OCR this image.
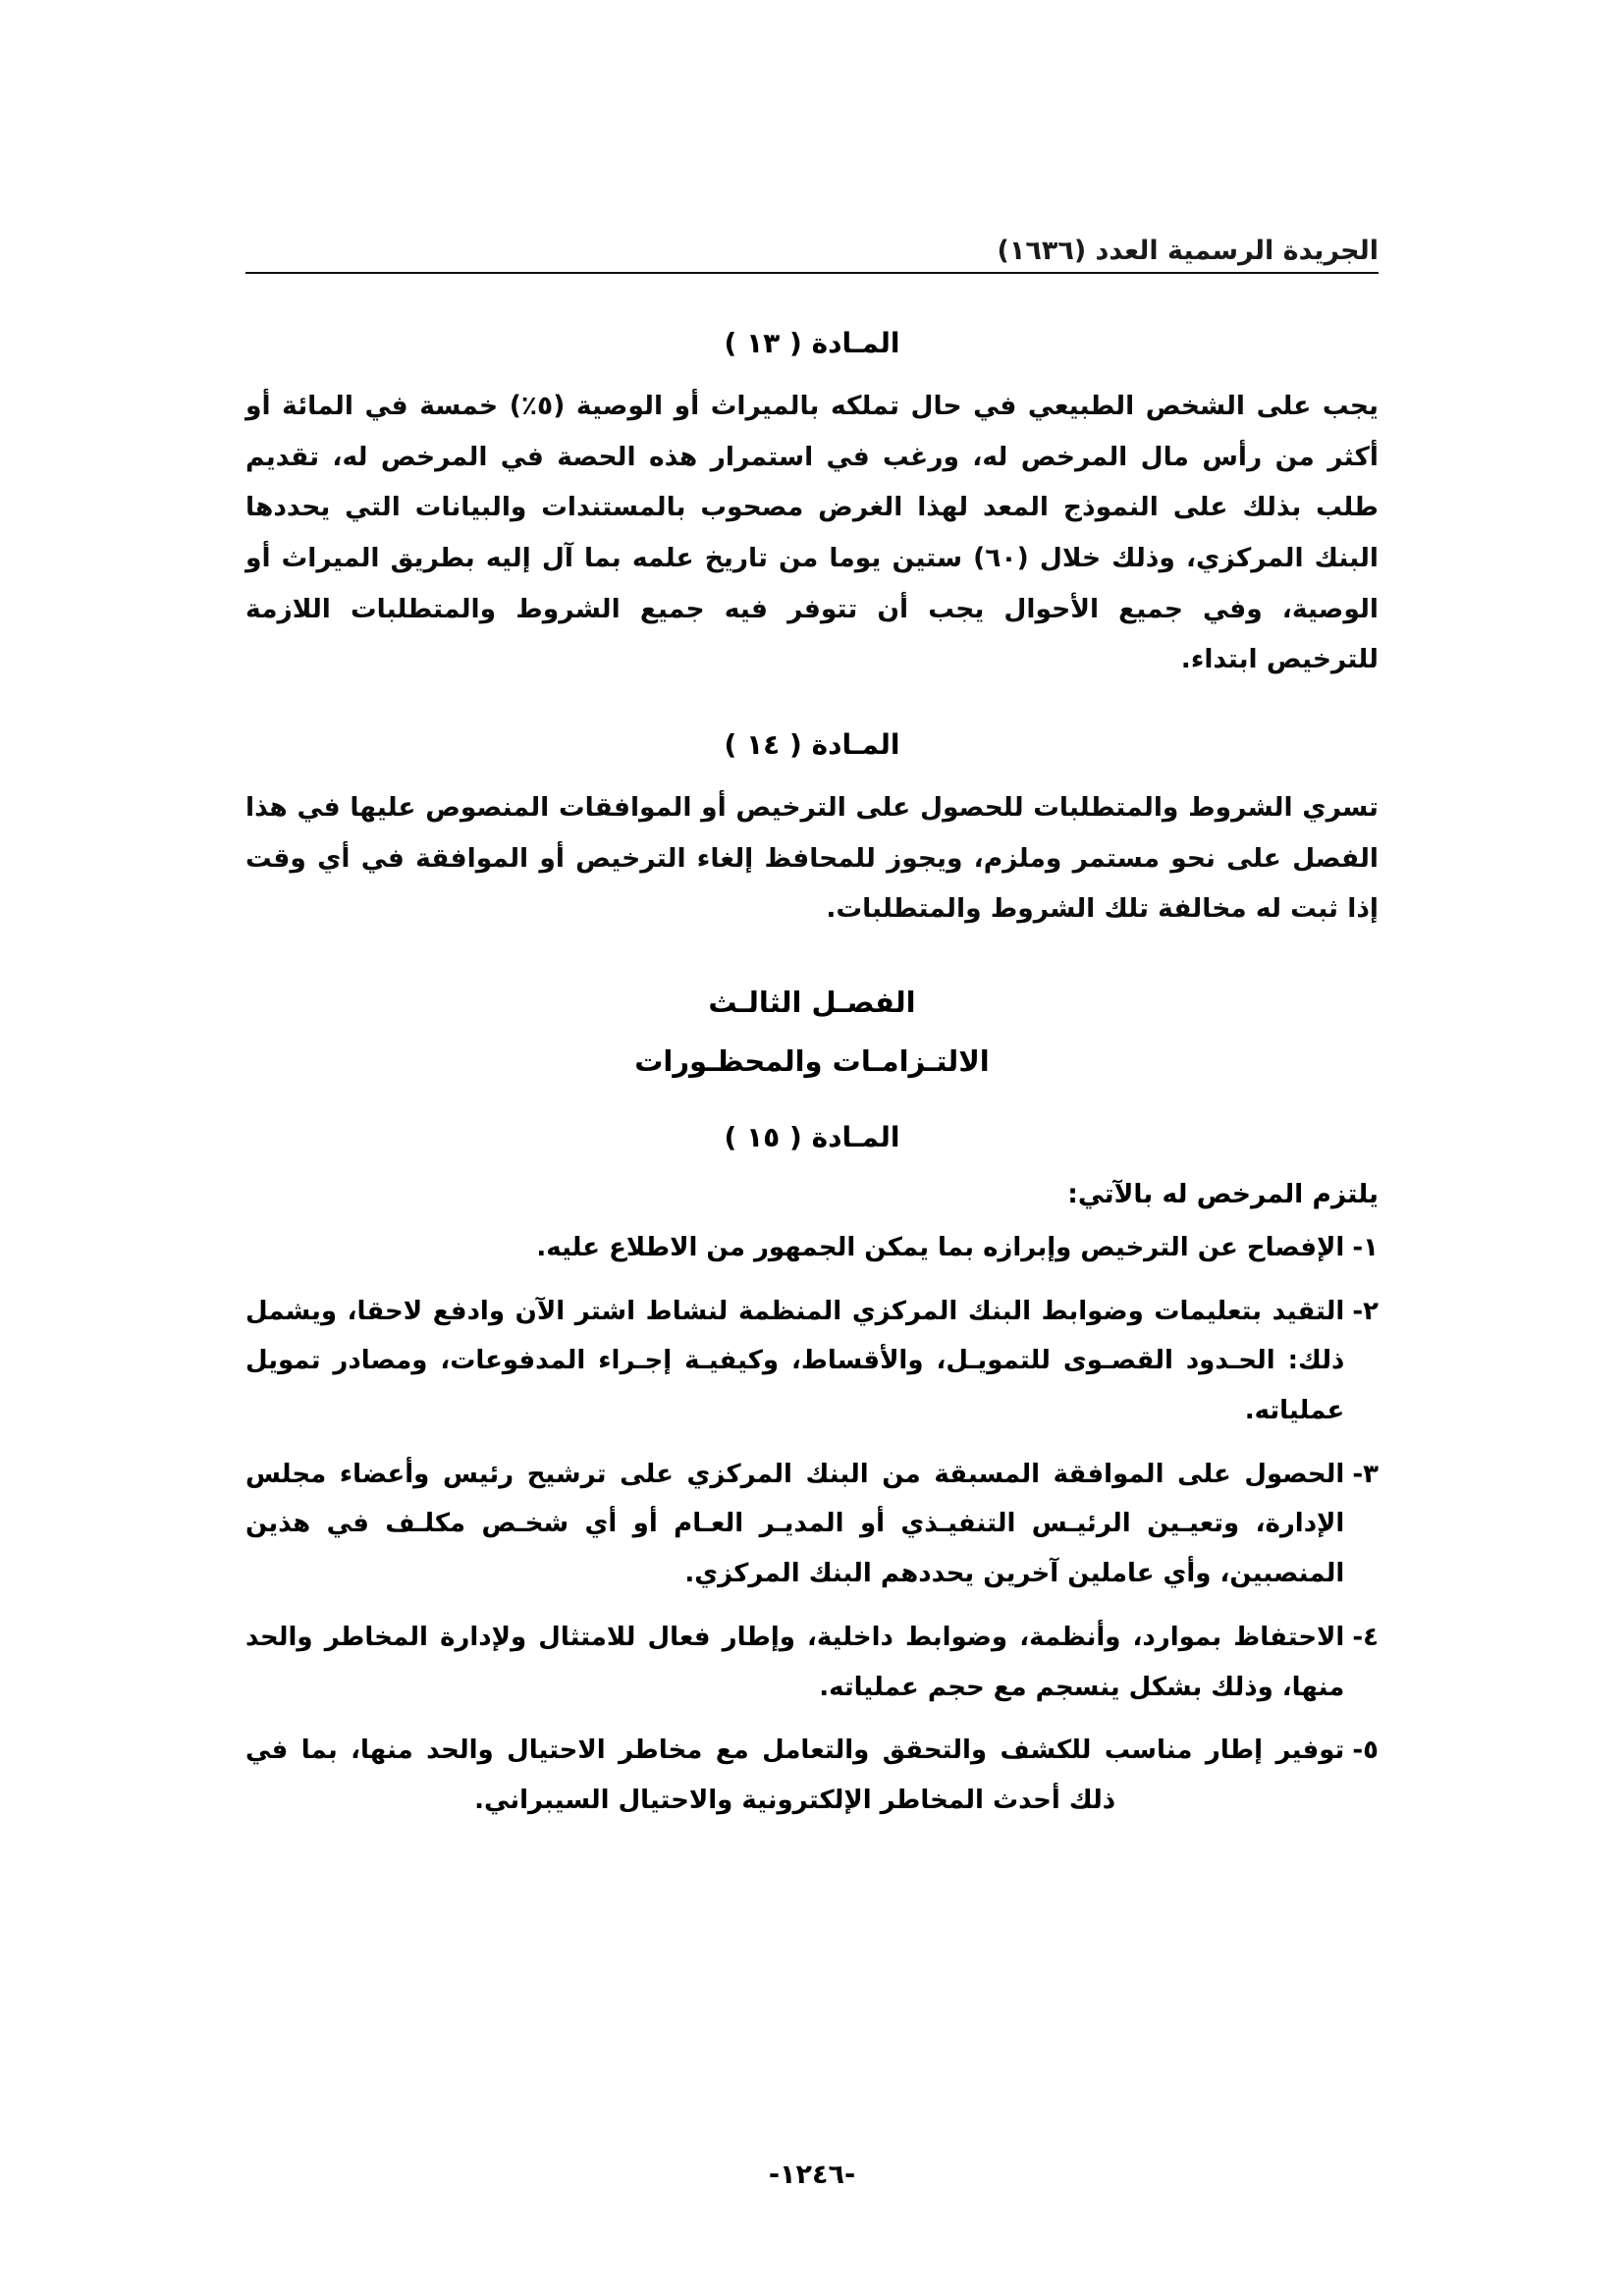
الجريدة الرسمية العدد (١٦٣٦)
المـادة ( ١٣ )

يجب على الشخص الطبيعي في حال تملكه بالميراث أو الوصية (٥٪) خمسة في المائة أو أكثر من رأس مال المرخص له، ورغب في استمرار هذه الحصة في المرخص له، تقديم طلب بذلك على النموذج المعد لهذا الغرض مصحوب بالمستندات والبيانات التي يحددها البنك المركزي، وذلك خلال (٦٠) ستين يوما من تاريخ علمه بما آل إليه بطريق الميراث أو الوصية، وفي جميع الأحوال يجب أن تتوفر فيه جميع الشروط والمتطلبات اللازمة للترخيص ابتداء.

المـادة ( ١٤ )

تسري الشروط والمتطلبات للحصول على الترخيص أو الموافقات المنصوص عليها في هذا الفصل على نحو مستمر وملزم، ويجوز للمحافظ إلغاء الترخيص أو الموافقة في أي وقت إذا ثبت له مخالفة تلك الشروط والمتطلبات.

الفصـل الثالـث
الالتـزامـات والمحظـورات
المـادة ( ١٥ )
يلتزم المرخص له بالآتي:
١-
الإفصاح عن الترخيص وإبرازه بما يمكن الجمهور من الاطلاع عليه.
٢-
التقيد بتعليمات وضوابط البنك المركزي المنظمة لنشاط اشتر الآن وادفع لاحقا، ويشمل ذلك: الحـدود القصـوى للتمويـل، والأقساط، وكيفيـة إجـراء المدفوعات، ومصادر تمويل عملياته.
٣-
الحصول على الموافقة المسبقة من البنك المركزي على ترشيح رئيس وأعضاء مجلس الإدارة، وتعيـين الرئيـس التنفيـذي أو المديـر العـام أو أي شخـص مكلـف في هذين المنصبين، وأي عاملين آخرين يحددهم البنك المركزي.
٤-
الاحتفاظ بموارد، وأنظمة، وضوابط داخلية، وإطار فعال للامتثال ولإدارة المخاطر والحد منها، وذلك بشكل ينسجم مع حجم عملياته.
٥-
توفير إطار مناسب للكشف والتحقق والتعامل مع مخاطر الاحتيال والحد منها، بما في ذلك أحدث المخاطر الإلكترونية والاحتيال السيبراني.
-١٢٤٦-
